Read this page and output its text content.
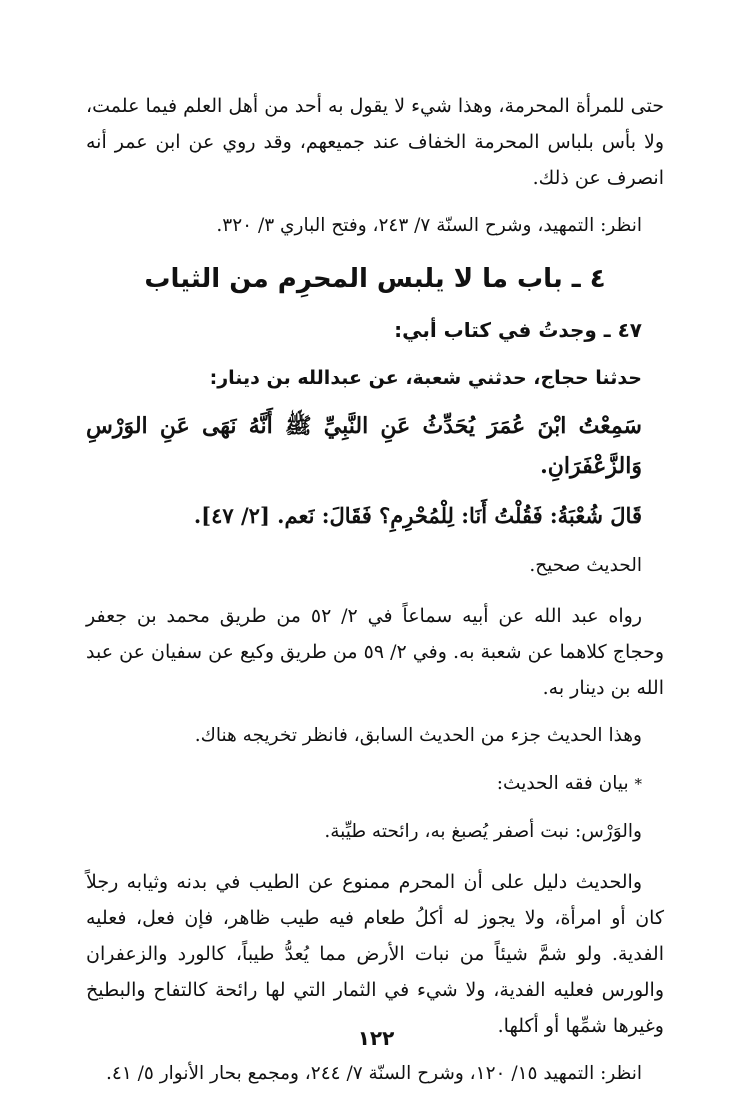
حتى للمرأة المحرمة، وهذا شيء لا يقول به أحد من أهل العلم فيما علمت، ولا بأس بلباس المحرمة الخفاف عند جميعهم، وقد روي عن ابن عمر أنه انصرف عن ذلك.

انظر: التمهيد، وشرح السنّة ٧/ ٢٤٣، وفتح الباري ٣/ ٣٢٠.

٤ ـ باب ما لا يلبس المحرِم من الثياب

٤٧ ـ وجدتُ في كتاب أبي:

حدثنا حجاج، حدثني شعبة، عن عبدالله بن دينار:

سَمِعْتُ ابْنَ عُمَرَ يُحَدِّثُ عَنِ النَّبِيِّ ﷺ أَنَّهُ نَهَى عَنِ الوَرْسِ وَالزَّعْفَرَانِ.

قَالَ شُعْبَةُ: فَقُلْتُ أَنَا: لِلْمُحْرِمِ؟ فَقَالَ: نَعم. [٢/ ٤٧].

الحديث صحيح.

رواه عبد الله عن أبيه سماعاً في ٢/ ٥٢ من طريق محمد بن جعفر وحجاج كلاهما عن شعبة به. وفي ٢/ ٥٩ من طريق وكيع عن سفيان عن عبد الله بن دينار به.

وهذا الحديث جزء من الحديث السابق، فانظر تخريجه هناك.

* بيان فقه الحديث:

والوَرْس: نبت أصفر يُصبغ به، رائحته طيِّبة.

والحديث دليل على أن المحرم ممنوع عن الطيب في بدنه وثيابه رجلاً كان أو امرأة، ولا يجوز له أكلُ طعام فيه طيب ظاهر، فإن فعل، فعليه الفدية. ولو شمَّ شيئاً من نبات الأرض مما يُعدُّ طيباً، كالورد والزعفران والورس فعليه الفدية، ولا شيء في الثمار التي لها رائحة كالتفاح والبطيخ وغيرها شمِّها أو أكلها.

انظر: التمهيد ١٥/ ١٢٠، وشرح السنّة ٧/ ٢٤٤، ومجمع بحار الأنوار ٥/ ٤١.

١٢٢
